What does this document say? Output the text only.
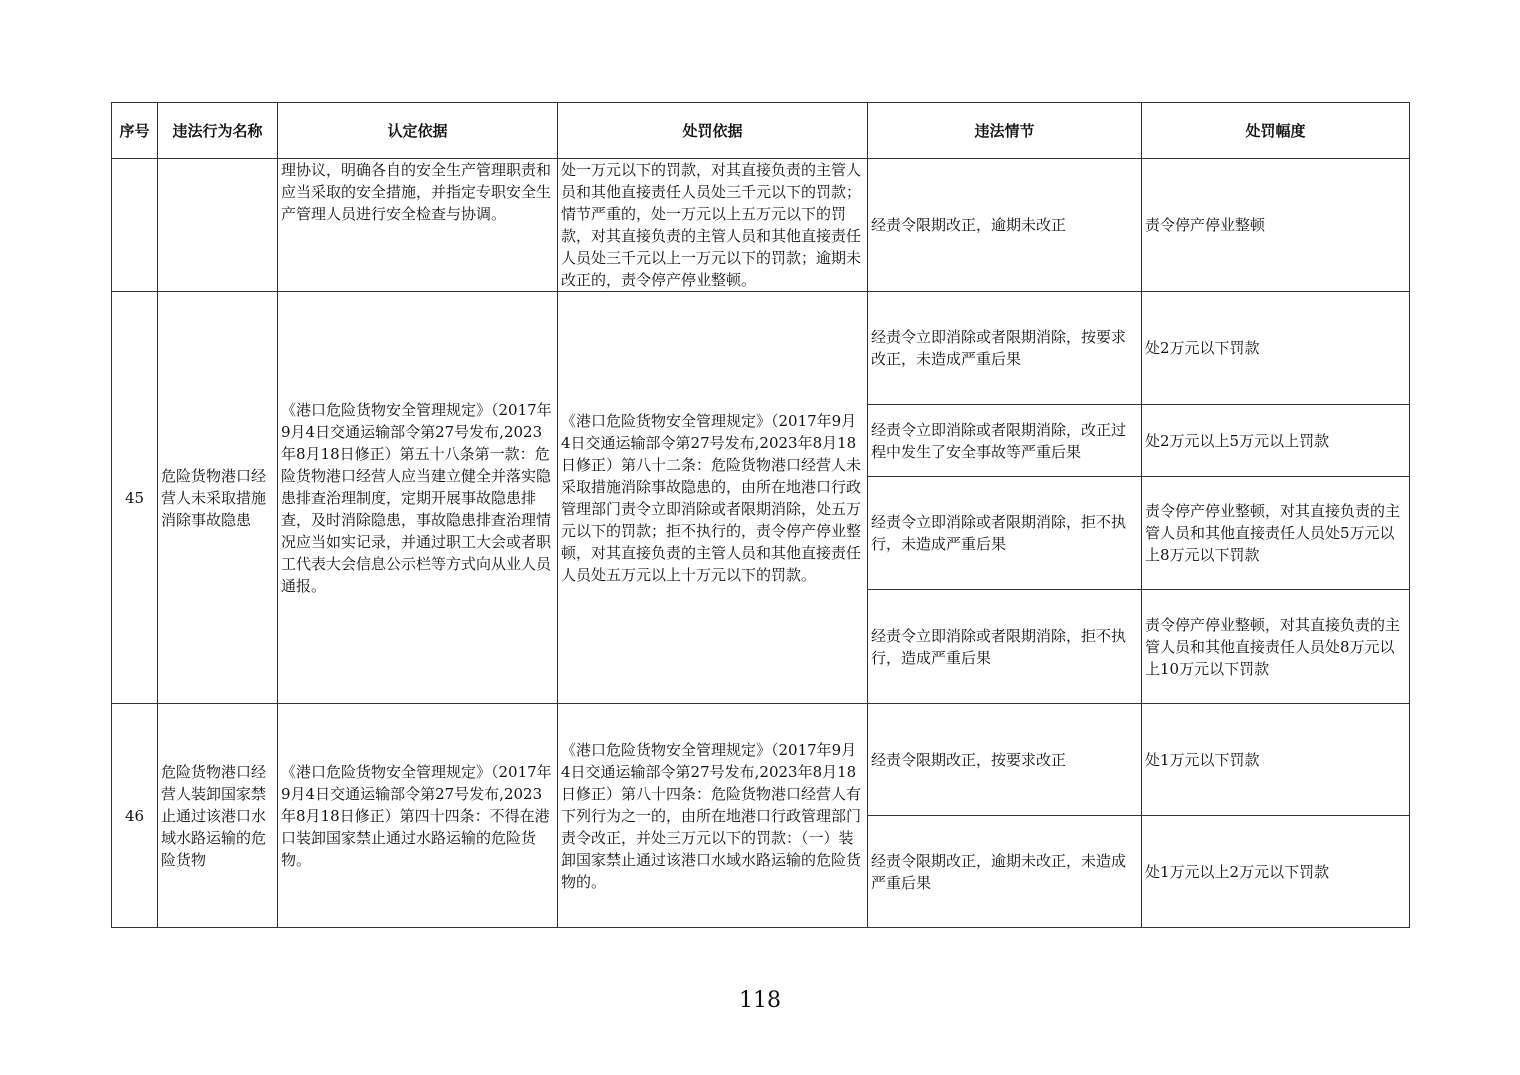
序号	违法行为名称	认定依据	处罚依据	违法情节	处罚幅度
		理协议，明确各自的安全生产管理职责和应当采取的安全措施，并指定专职安全生产管理人员进行安全检查与协调。	处一万元以下的罚款，对其直接负责的主管人员和其他直接责任人员处三千元以下的罚款；情节严重的，处一万元以上五万元以下的罚款，对其直接负责的主管人员和其他直接责任人员处三千元以上一万元以下的罚款；逾期未改正的，责令停产停业整顿。	经责令限期改正，逾期未改正	责令停产停业整顿
45	危险货物港口经营人未采取措施消除事故隐患	《港口危险货物安全管理规定》（2017年9月4日交通运输部令第27号发布,2023年8月18日修正）第五十八条第一款：危险货物港口经营人应当建立健全并落实隐患排查治理制度，定期开展事故隐患排查，及时消除隐患，事故隐患排查治理情况应当如实记录，并通过职工大会或者职工代表大会信息公示栏等方式向从业人员通报。	《港口危险货物安全管理规定》（2017年9月4日交通运输部令第27号发布,2023年8月18日修正）第八十二条：危险货物港口经营人未采取措施消除事故隐患的，由所在地港口行政管理部门责令立即消除或者限期消除，处五万元以下的罚款；拒不执行的，责令停产停业整顿，对其直接负责的主管人员和其他直接责任人员处五万元以上十万元以下的罚款。	经责令立即消除或者限期消除，按要求改正，未造成严重后果	处2万元以下罚款
				经责令立即消除或者限期消除，改正过程中发生了安全事故等严重后果	处2万元以上5万元以上罚款
				经责令立即消除或者限期消除，拒不执行，未造成严重后果	责令停产停业整顿，对其直接负责的主管人员和其他直接责任人员处5万元以上8万元以下罚款
				经责令立即消除或者限期消除，拒不执行，造成严重后果	责令停产停业整顿，对其直接负责的主管人员和其他直接责任人员处8万元以上10万元以下罚款
46	危险货物港口经营人装卸国家禁止通过该港口水域水路运输的危险货物	《港口危险货物安全管理规定》（2017年9月4日交通运输部令第27号发布,2023年8月18日修正）第四十四条：不得在港口装卸国家禁止通过水路运输的危险货物。	《港口危险货物安全管理规定》（2017年9月4日交通运输部令第27号发布,2023年8月18日修正）第八十四条：危险货物港口经营人有下列行为之一的，由所在地港口行政管理部门责令改正，并处三万元以下的罚款：（一）装卸国家禁止通过该港口水域水路运输的危险货物的。	经责令限期改正，按要求改正	处1万元以下罚款
				经责令限期改正，逾期未改正，未造成严重后果	处1万元以上2万元以下罚款
118
